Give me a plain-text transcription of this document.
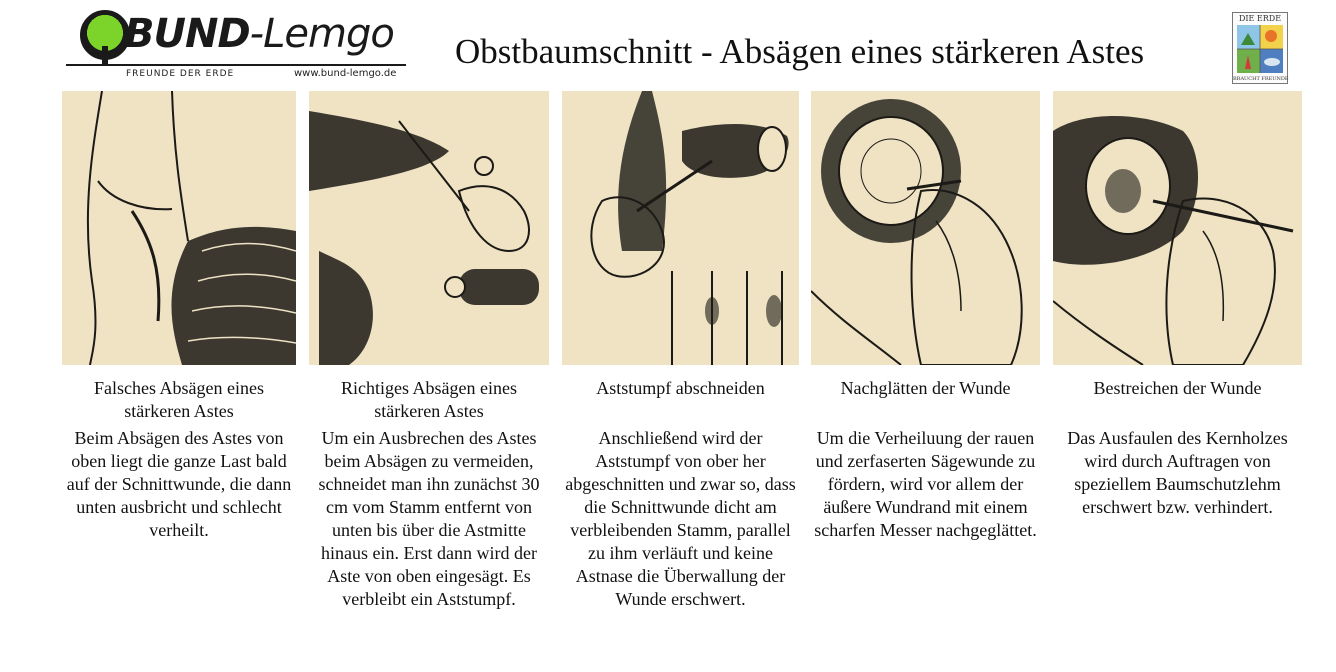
BUND-Lemgo
FREUNDE DER ERDE	www.bund-lemgo.de
Obstbaumschnitt - Absägen eines stärkeren Astes
DIE ERDE
BRAUCHT FREUNDE
Falsches Absägen eines stärkeren Astes
Beim Absägen des Astes von oben liegt die ganze Last bald auf der Schnittwunde, die dann unten ausbricht und schlecht verheilt.
Richtiges Absägen eines stärkeren Astes
Um ein Ausbrechen des Astes beim Absägen zu vermeiden, schneidet man ihn zunächst 30 cm vom Stamm entfernt von unten bis über die Astmitte hinaus ein. Erst dann wird der Aste von oben eingesägt. Es verbleibt ein Aststumpf.
Aststumpf abschneiden
Anschließend wird der Aststumpf von ober her abgeschnitten und zwar so, dass die Schnittwunde dicht am verbleibenden Stamm, parallel zu ihm verläuft und keine Astnase die Überwallung der Wunde erschwert.
Nachglätten der Wunde
Um die Verheiluung der rauen und zerfaserten Sägewunde zu fördern, wird vor allem der äußere Wundrand mit einem scharfen Messer nachgeglättet.
Bestreichen der Wunde
Das Ausfaulen des Kernholzes wird durch Auftragen von speziellem Baumschutzlehm erschwert bzw. verhindert.
